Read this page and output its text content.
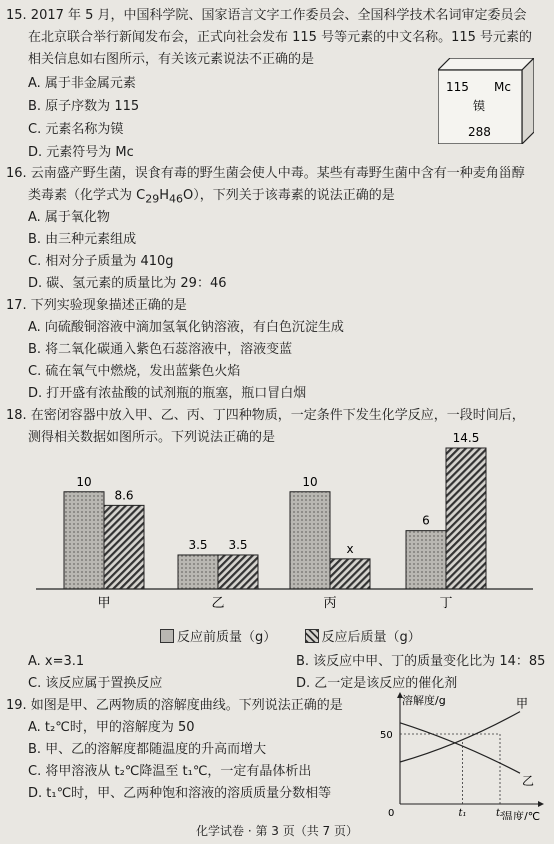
15. 2017 年 5 月，中国科学院、国家语言文字工作委员会、全国科学技术名词审定委员会
在北京联合举行新闻发布会，正式向社会发布 115 号等元素的中文名称。115 号元素的
相关信息如右图所示，有关该元素说法不正确的是
A. 属于非金属元素
B. 原子序数为 115
C. 元素名称为镆
D. 元素符号为 Mc
115 Mc
镆
288
16. 云南盛产野生菌，误食有毒的野生菌会使人中毒。某些有毒野生菌中含有一种麦角甾醇
类毒素（化学式为 $C_{29}H_{46}O$），下列关于该毒素的说法正确的是
A. 属于氧化物
B. 由三种元素组成
C. 相对分子质量为 410g
D. 碳、氢元素的质量比为 29：46
17. 下列实验现象描述正确的是
A. 向硫酸铜溶液中滴加氢氧化钠溶液，有白色沉淀生成
B. 将二氧化碳通入紫色石蕊溶液中，溶液变蓝
C. 硫在氧气中燃烧，发出蓝紫色火焰
D. 打开盛有浓盐酸的试剂瓶的瓶塞，瓶口冒白烟
18. 在密闭容器中放入甲、乙、丙、丁四种物质，一定条件下发生化学反应，一段时间后，
测得相关数据如图所示。下列说法正确的是
10
8.6
3.5 3.5
10
x
6
14.5
甲	乙	丙	丁
反应前质量（g）	反应后质量（g）
A. x=3.1	B. 该反应中甲、丁的质量变化比为 14：85
C. 该反应属于置换反应	D. 乙一定是该反应的催化剂
19. 如图是甲、乙两物质的溶解度曲线。下列说法正确的是
A. t₂℃时，甲的溶解度为 50
B. 甲、乙的溶解度都随温度的升高而增大
C. 将甲溶液从 t₂℃降温至 t₁℃，一定有晶体析出
D. t₁℃时，甲、乙两种饱和溶液的溶质质量分数相等
溶解度/g
温度/℃
0
50
t₁	t₂
甲
乙
化学试卷 · 第 3 页（共 7 页）
